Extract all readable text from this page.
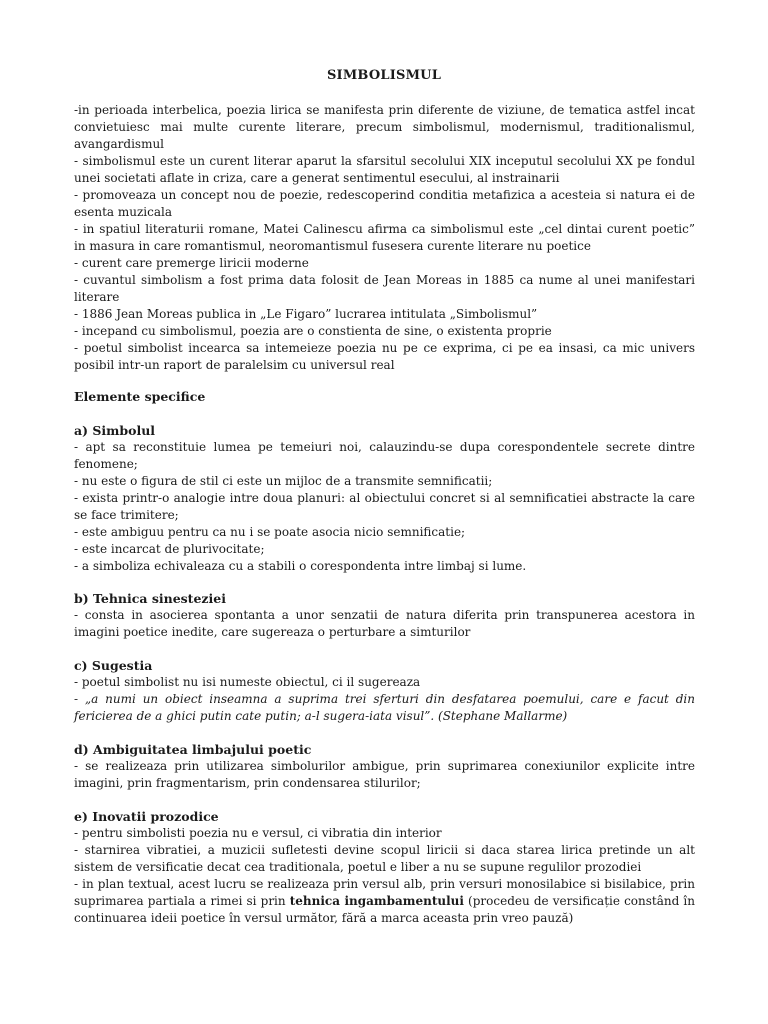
SIMBOLISMUL

-in perioada interbelica, poezia lirica se manifesta prin diferente de viziune, de tematica astfel incat convietuiesc mai multe curente literare, precum simbolismul, modernismul, traditionalismul, avangardismul

- simbolismul este un curent literar aparut la sfarsitul secolului XIX inceputul secolului XX pe fondul unei societati aflate in criza, care a generat sentimentul esecului, al instrainarii

- promoveaza un concept nou de poezie, redescoperind conditia metafizica a acesteia si natura ei de esenta muzicala

- in spatiul literaturii romane, Matei Calinescu afirma ca simbolismul este „cel dintai curent poetic” in masura in care romantismul, neoromantismul fusesera curente literare nu poetice

- curent care premerge liricii moderne

- cuvantul simbolism a fost prima data folosit de Jean Moreas in 1885 ca nume al unei manifestari literare

- 1886 Jean Moreas publica in „Le Figaro” lucrarea intitulata „Simbolismul”

- incepand cu simbolismul, poezia are o constienta de sine, o existenta proprie

- poetul simbolist incearca sa intemeieze poezia nu pe ce exprima, ci pe ea insasi, ca mic univers posibil intr-un raport de paralelsim cu universul real

Elemente specifice
a) Simbolul

- apt sa reconstituie lumea pe temeiuri noi, calauzindu-se dupa corespondentele secrete dintre fenomene;

- nu este o figura de stil ci este un mijloc de a transmite semnificatii;

- exista printr-o analogie intre doua planuri: al obiectului concret si al semnificatiei abstracte la care se face trimitere;

- este ambiguu pentru ca nu i se poate asocia nicio semnificatie;

- este incarcat de plurivocitate;

- a simboliza echivaleaza cu a stabili o corespondenta intre limbaj si lume.

b) Tehnica sinesteziei

- consta in asocierea spontanta a unor senzatii de natura diferita prin transpunerea acestora in imagini poetice inedite, care sugereaza o perturbare a simturilor

c) Sugestia

- poetul simbolist nu isi numeste obiectul, ci il sugereaza

- „a numi un obiect inseamna a suprima trei sferturi din desfatarea poemului, care e facut din fericierea de a ghici putin cate putin; a-l sugera-iata visul”. (Stephane Mallarme)

d) Ambiguitatea limbajului poetic

- se realizeaza prin utilizarea simbolurilor ambigue, prin suprimarea conexiunilor explicite intre imagini, prin fragmentarism, prin condensarea stilurilor;

e) Inovatii prozodice

- pentru simbolisti poezia nu e versul, ci vibratia din interior

- starnirea vibratiei, a muzicii sufletesti devine scopul liricii si daca starea lirica pretinde un alt sistem de versificatie decat cea traditionala, poetul e liber a nu se supune regulilor prozodiei

- in plan textual, acest lucru se realizeaza prin versul alb, prin versuri monosilabice si bisilabice, prin suprimarea partiala a rimei si prin tehnica ingambamentului (procedeu de versificație constând în continuarea ideii poetice în versul următor, fără a marca aceasta prin vreo pauză)
